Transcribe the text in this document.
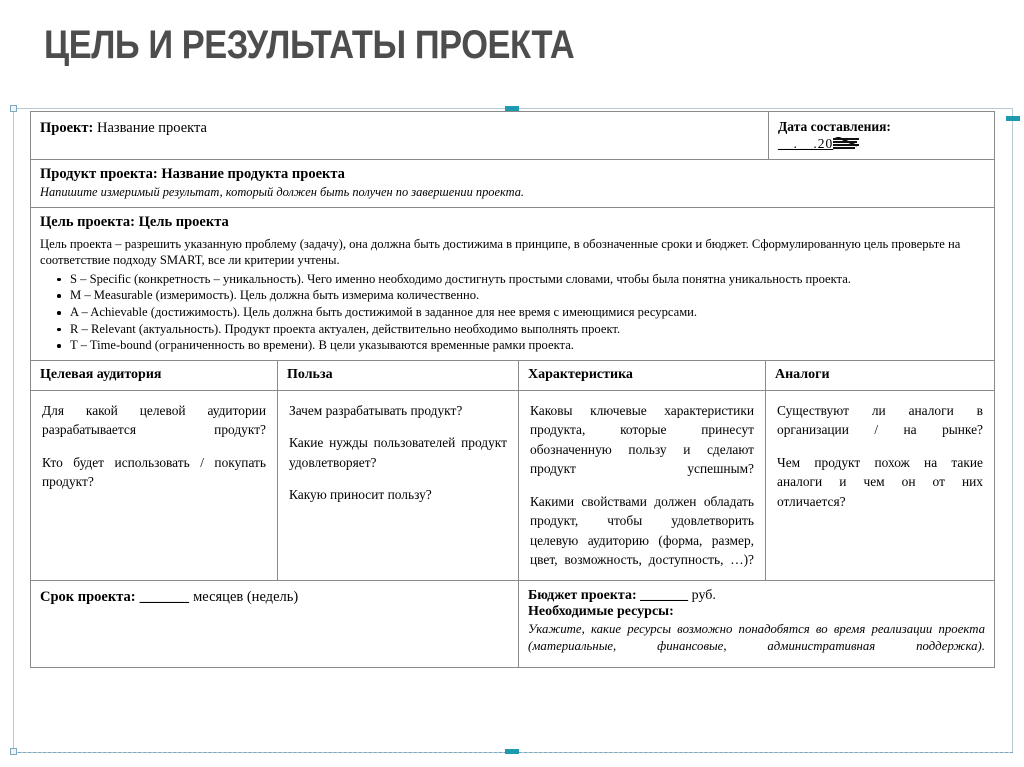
ЦЕЛЬ И РЕЗУЛЬТАТЫ ПРОЕКТА
Проект: Название проекта	Дата составления:
__.__.20
Продукт проекта: Название продукта проекта
Напишите измеримый результат, который должен быть получен по завершении проекта.
Цель проекта: Цель проекта
Цель проекта – разрешить указанную проблему (задачу), она должна быть достижима в принципе, в обозначенные сроки и бюджет. Сформулированную цель проверьте на соответствие подходу SMART, все ли критерии учтены.
S – Specific (конкретность – уникальность). Чего именно необходимо достигнуть простыми словами, чтобы была понятна уникальность проекта.
M – Measurable (измеримость). Цель должна быть измерима количественно.
A – Achievable (достижимость). Цель должна быть достижимой в заданное для нее время с имеющимися ресурсами.
R – Relevant (актуальность). Продукт проекта актуален, действительно необходимо выполнять проект.
T – Time-bound (ограниченность во времени). В цели указываются временные рамки проекта.
Целевая аудитория

Для какой целевой аудитории разрабатывается продукт?

Кто будет использовать / покупать продукт?

Польза

Зачем разрабатывать продукт?

Какие нужды пользователей продукт удовлетворяет?

Какую приносит пользу?

Характеристика

Каковы ключевые характеристики продукта, которые принесут обозначенную пользу и сделают продукт успешным?

Какими свойствами должен обладать продукт, чтобы удовлетворить целевую аудиторию (форма, размер, цвет, возможность, доступность, …)?

Аналоги

Существуют ли аналоги в организации / на рынке?

Чем продукт похож на такие аналоги и чем он от них отличается?

Срок проекта: ______ месяцев (недель)	Бюджет проекта: ______ руб.
Необходимые ресурсы:
Укажите, какие ресурсы возможно понадобятся во время реализации проекта (материальные, финансовые, административная поддержка).
